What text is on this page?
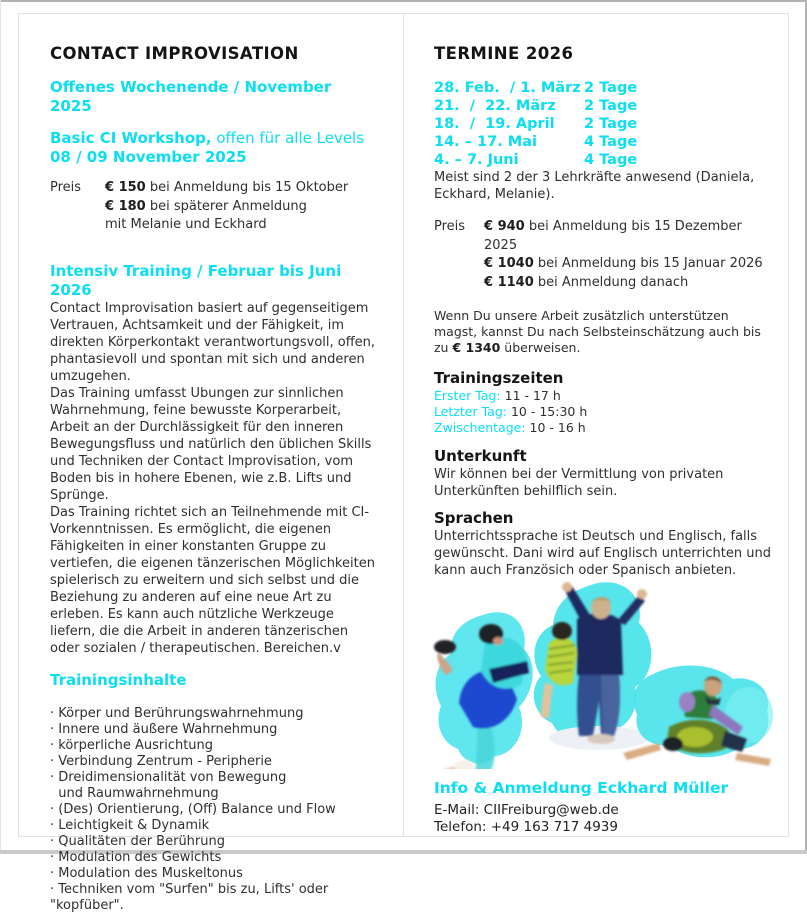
CONTACT IMPROVISATION
Offenes Wochenende / November 2025
Basic CI Workshop, offen für alle Levels
08 / 09 November 2025
Preis	€ 150 bei Anmeldung bis 15 Oktober
€ 180 bei späterer Anmeldung
mit Melanie und Eckhard
Intensiv Training / Februar bis Juni 2026

Contact Improvisation basiert auf gegenseitigem Vertrauen, Achtsamkeit und der Fähigkeit, im direkten Körperkontakt verantwortungsvoll, offen, phantasievoll und spontan mit sich und anderen umzugehen.

Das Training umfasst Ubungen zur sinnlichen Wahrnehmung, feine bewusste Korperarbeit, Arbeit an der Durchlässigkeit für den inneren Bewegungsfluss und natürlich den üblichen Skills und Techniken der Contact Improvisation, vom Boden bis in hohere Ebenen, wie z.B. Lifts und Sprünge.

Das Training richtet sich an Teilnehmende mit CI-Vorkenntnissen. Es ermöglicht, die eigenen Fähigkeiten in einer konstanten Gruppe zu vertiefen, die eigenen tänzerischen Möglichkeiten spielerisch zu erweitern und sich selbst und die Beziehung zu anderen auf eine neue Art zu erleben. Es kann auch nützliche Werkzeuge liefern, die die Arbeit in anderen tänzerischen oder sozialen / therapeutischen. Bereichen.v

Trainingsinhalte
· Körper und Berührungswahrnehmung
· Innere und äußere Wahrnehmung
· körperliche Ausrichtung
· Verbindung Zentrum - Peripherie
· Dreidimensionalität von Bewegung
und Raumwahrnehmung
· (Des) Orientierung, (Off) Balance und Flow
· Leichtigkeit & Dynamik
· Qualitäten der Berührung
· Modulation des Gewichts
· Modulation des Muskeltonus
· Techniken vom "Surfen" bis zu, Lifts' oder "kopfüber".
TERMINE 2026
28. Feb.  / 1. März 2 Tage
21.  /  22. März	2 Tage
18.  /  19. April	2 Tage
14. – 17. Mai	4 Tage
4. – 7. Juni	4 Tage

Meist sind 2 der 3 Lehrkräfte anwesend (Daniela, Eckhard, Melanie).

Preis	€ 940 bei Anmeldung bis 15 Dezember 2025
€ 1040 bei Anmeldung bis 15 Januar 2026
€ 1140 bei Anmeldung danach

Wenn Du unsere Arbeit zusätzlich unterstützen magst, kannst Du nach Selbsteinschätzung auch bis zu € 1340 überweisen.

Trainingszeiten
Erster Tag: 11 - 17 h
Letzter Tag: 10 - 15:30 h
Zwischentage: 10 - 16 h
Unterkunft

Wir können bei der Vermittlung von privaten Unterkünften behilflich sein.

Sprachen

Unterrichtssprache ist Deutsch und Englisch, falls gewünscht. Dani wird auf Englisch unterrichten und kann auch Französich oder Spanisch anbieten.

Info & Anmeldung Eckhard Müller

E-Mail: CIIFreiburg@web.de

Telefon: +49 163 717 4939
